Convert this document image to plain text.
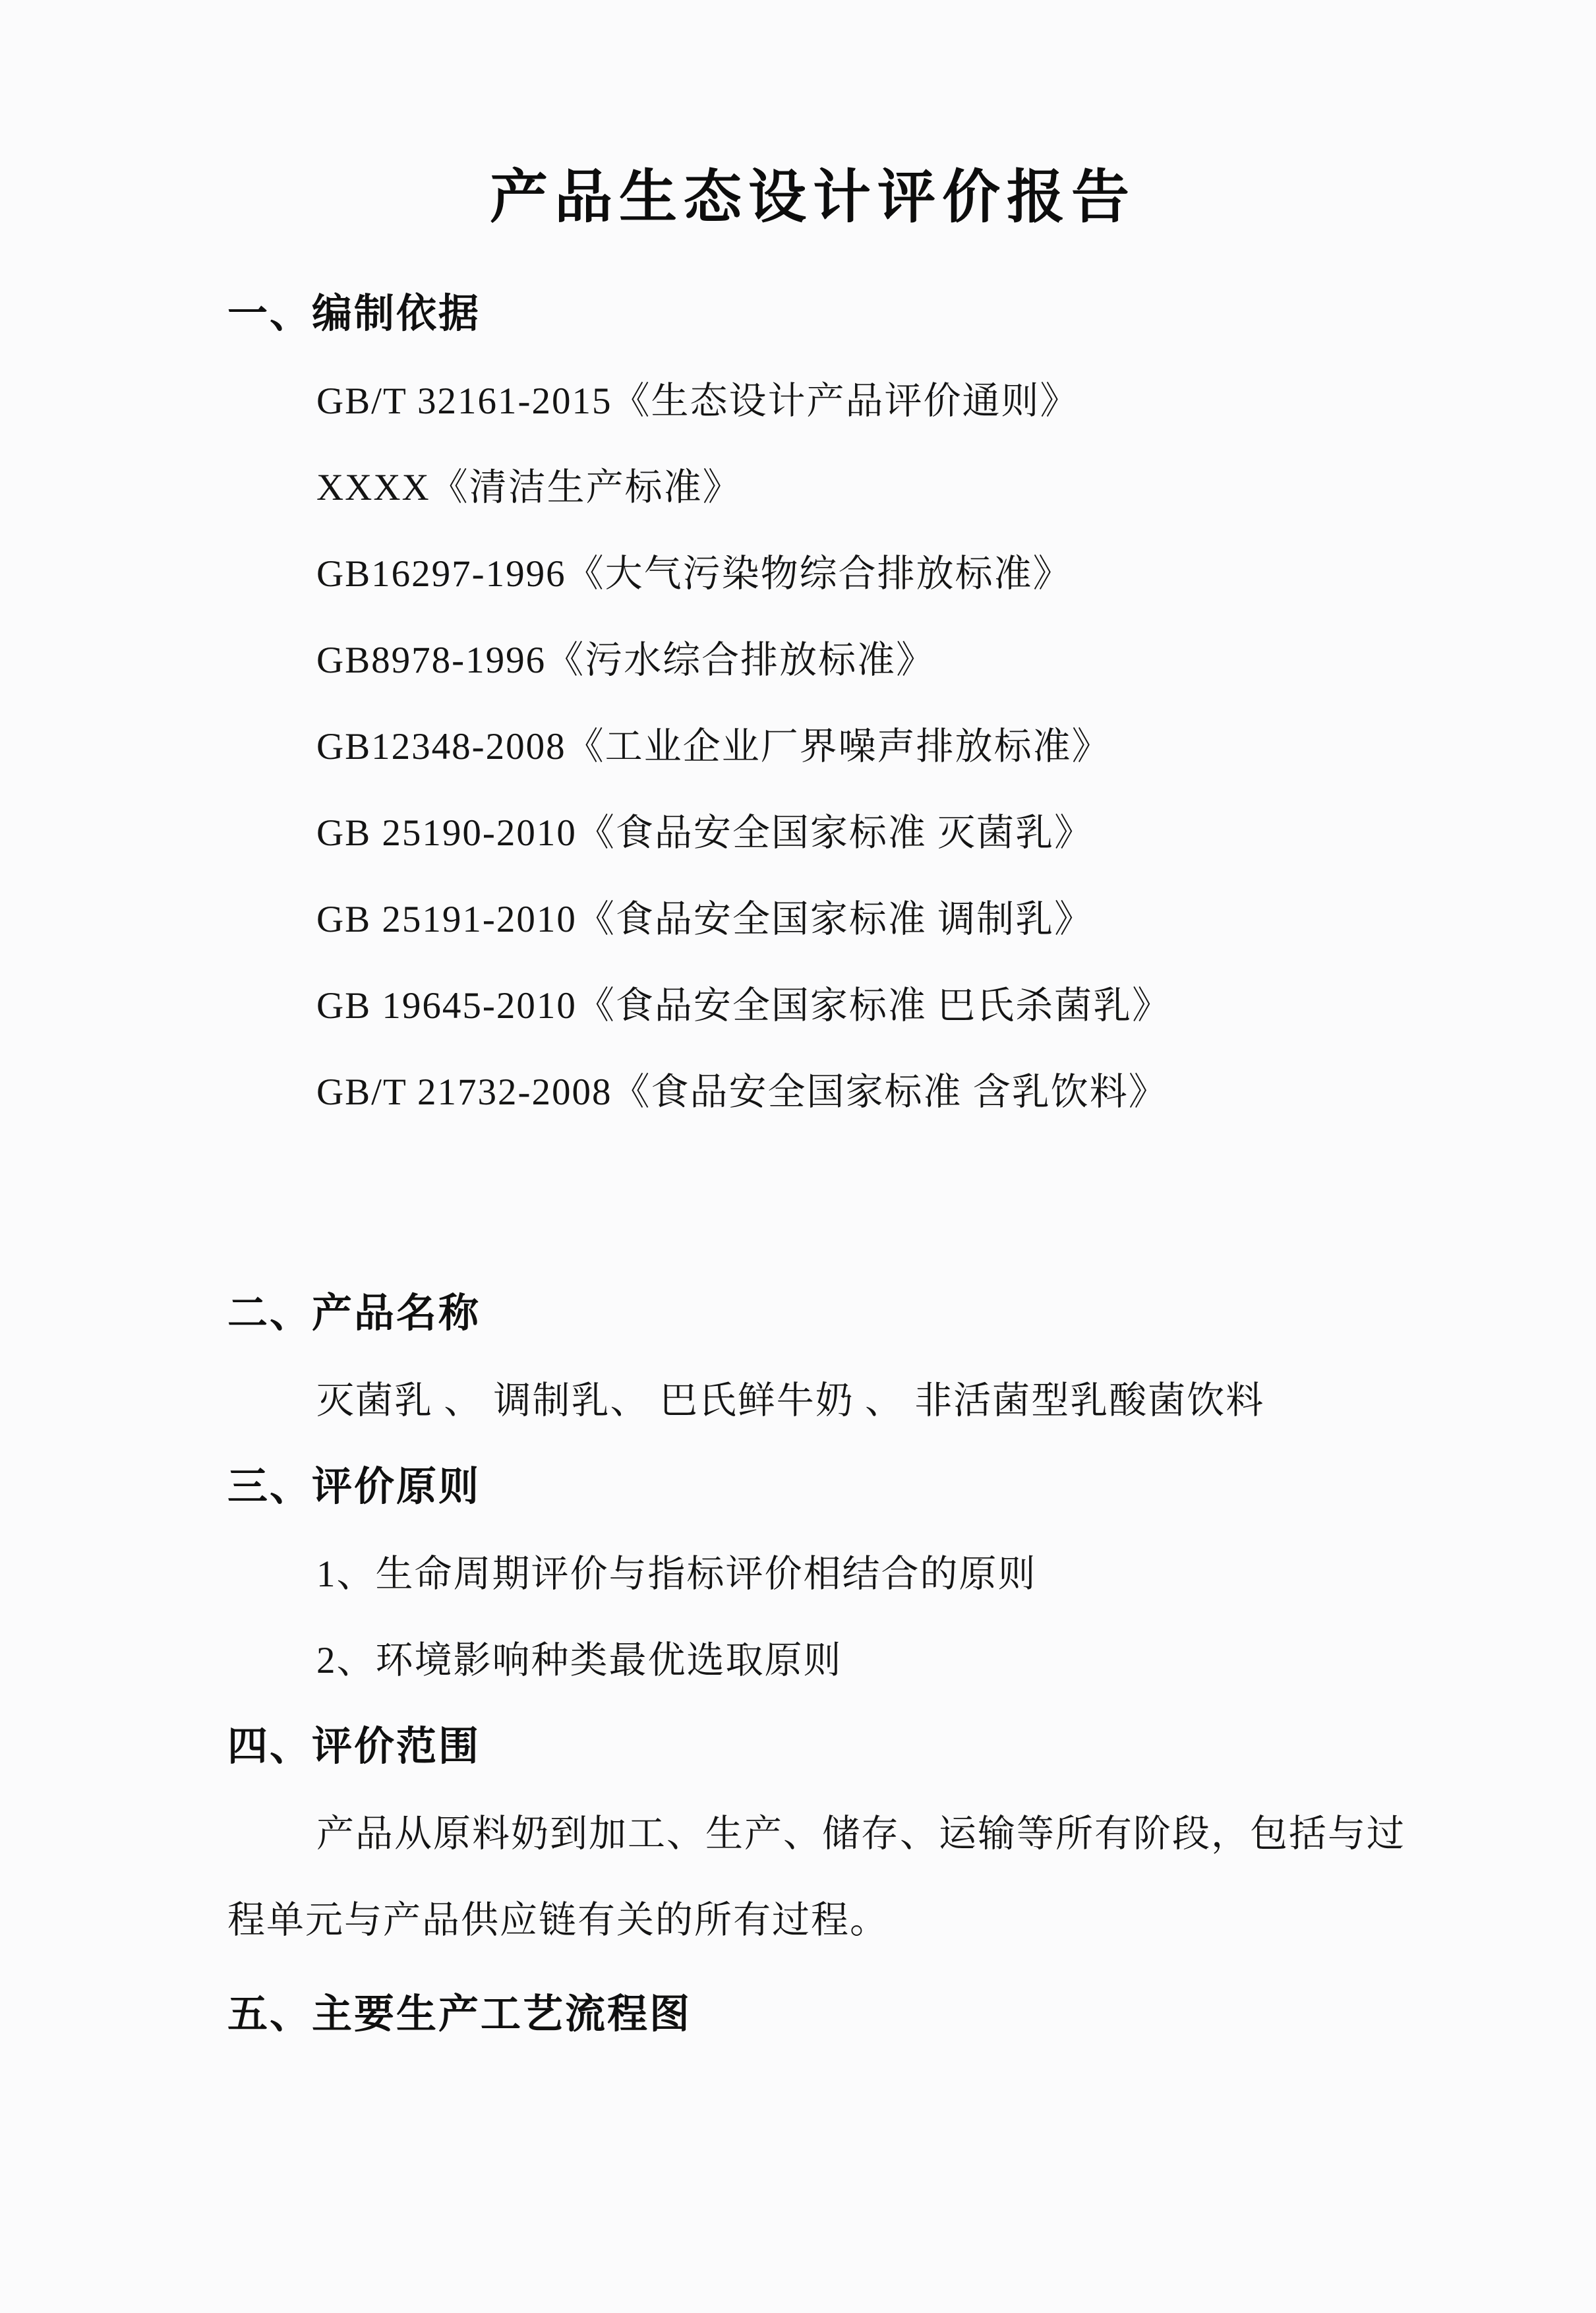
产品生态设计评价报告
一、编制依据

GB/T 32161-2015《生态设计产品评价通则》

XXXX《清洁生产标准》

GB16297-1996《大气污染物综合排放标准》

GB8978-1996《污水综合排放标准》

GB12348-2008《工业企业厂界噪声排放标准》

GB 25190-2010《食品安全国家标准 灭菌乳》

GB 25191-2010《食品安全国家标准 调制乳》

GB 19645-2010《食品安全国家标准 巴氏杀菌乳》

GB/T 21732-2008《食品安全国家标准 含乳饮料》

二、产品名称

灭菌乳 、 调制乳、 巴氏鲜牛奶 、 非活菌型乳酸菌饮料

三、评价原则

1、生命周期评价与指标评价相结合的原则

2、环境影响种类最优选取原则

四、评价范围

产品从原料奶到加工、生产、储存、运输等所有阶段，包括与过

程单元与产品供应链有关的所有过程。

五、主要生产工艺流程图
